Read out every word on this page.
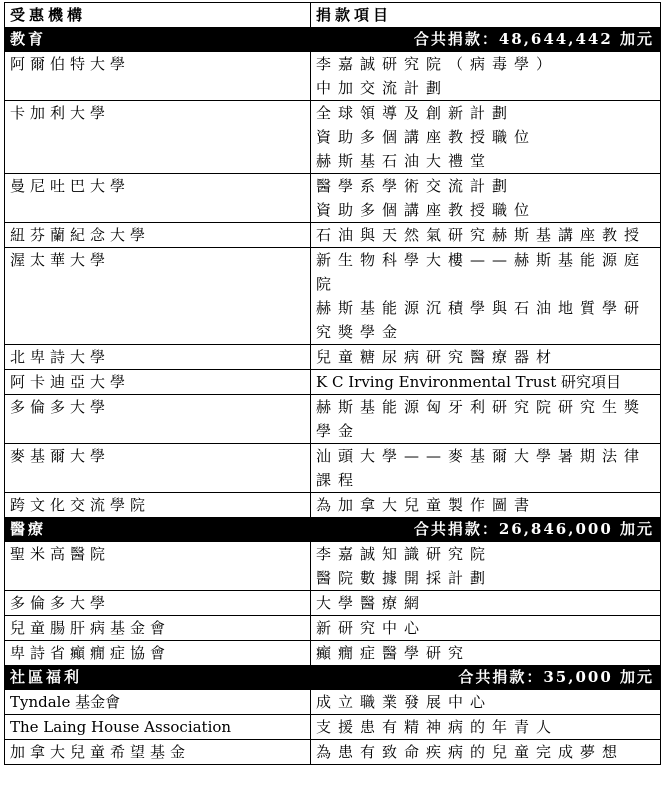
受惠機構	捐款項目
教育	合共捐款：48,644,442 加元
阿爾伯特大學	李嘉誠研究院（病毒學）
中加交流計劃

卡加利大學	全球領導及創新計劃
資助多個講座教授職位
赫斯基石油大禮堂

曼尼吐巴大學	醫學系學術交流計劃
資助多個講座教授職位

紐芬蘭紀念大學	石油與天然氣研究赫斯基講座教授

渥太華大學	新生物科學大樓——赫斯基能源庭院
赫斯基能源沉積學與石油地質學研究獎學金

北卑詩大學	兒童糖尿病研究醫療器材

阿卡迪亞大學	K C Irving Environmental Trust 研究項目

多倫多大學	赫斯基能源匈牙利研究院研究生獎學金

麥基爾大學	汕頭大學——麥基爾大學暑期法律課程

跨文化交流學院	為加拿大兒童製作圖書

醫療	合共捐款：26,846,000 加元
聖米高醫院	李嘉誠知識研究院
醫院數據開採計劃

多倫多大學	大學醫療網

兒童腸肝病基金會	新研究中心

卑詩省癲癇症協會	癲癇症醫學研究

社區福利	合共捐款：35,000 加元
Tyndale 基金會	成立職業發展中心

The Laing House Association	支援患有精神病的年青人

加拿大兒童希望基金	為患有致命疾病的兒童完成夢想
